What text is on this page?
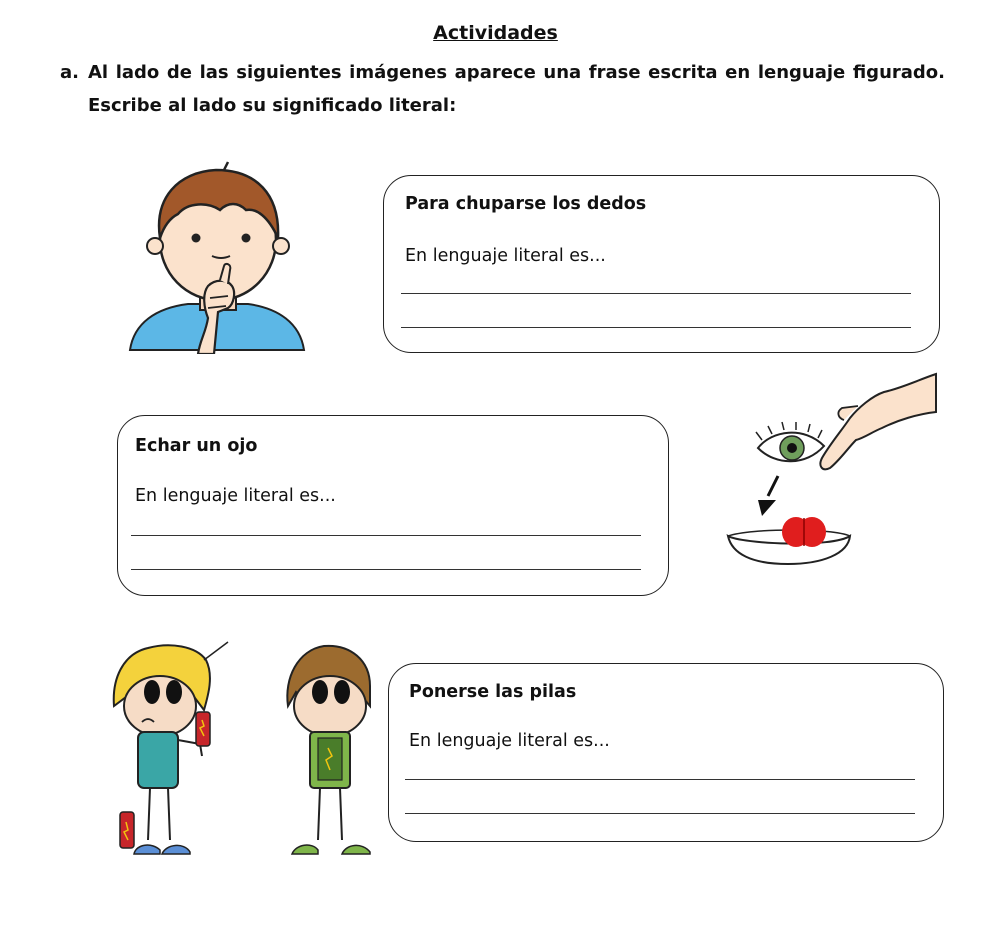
Actividades
a. Al lado de las siguientes imágenes aparece una frase escrita en lenguaje figurado.
Escribe al lado su significado literal:
Para chuparse los dedos
En lenguaje literal es...
Echar un ojo
En lenguaje literal es...
Ponerse las pilas
En lenguaje literal es...
